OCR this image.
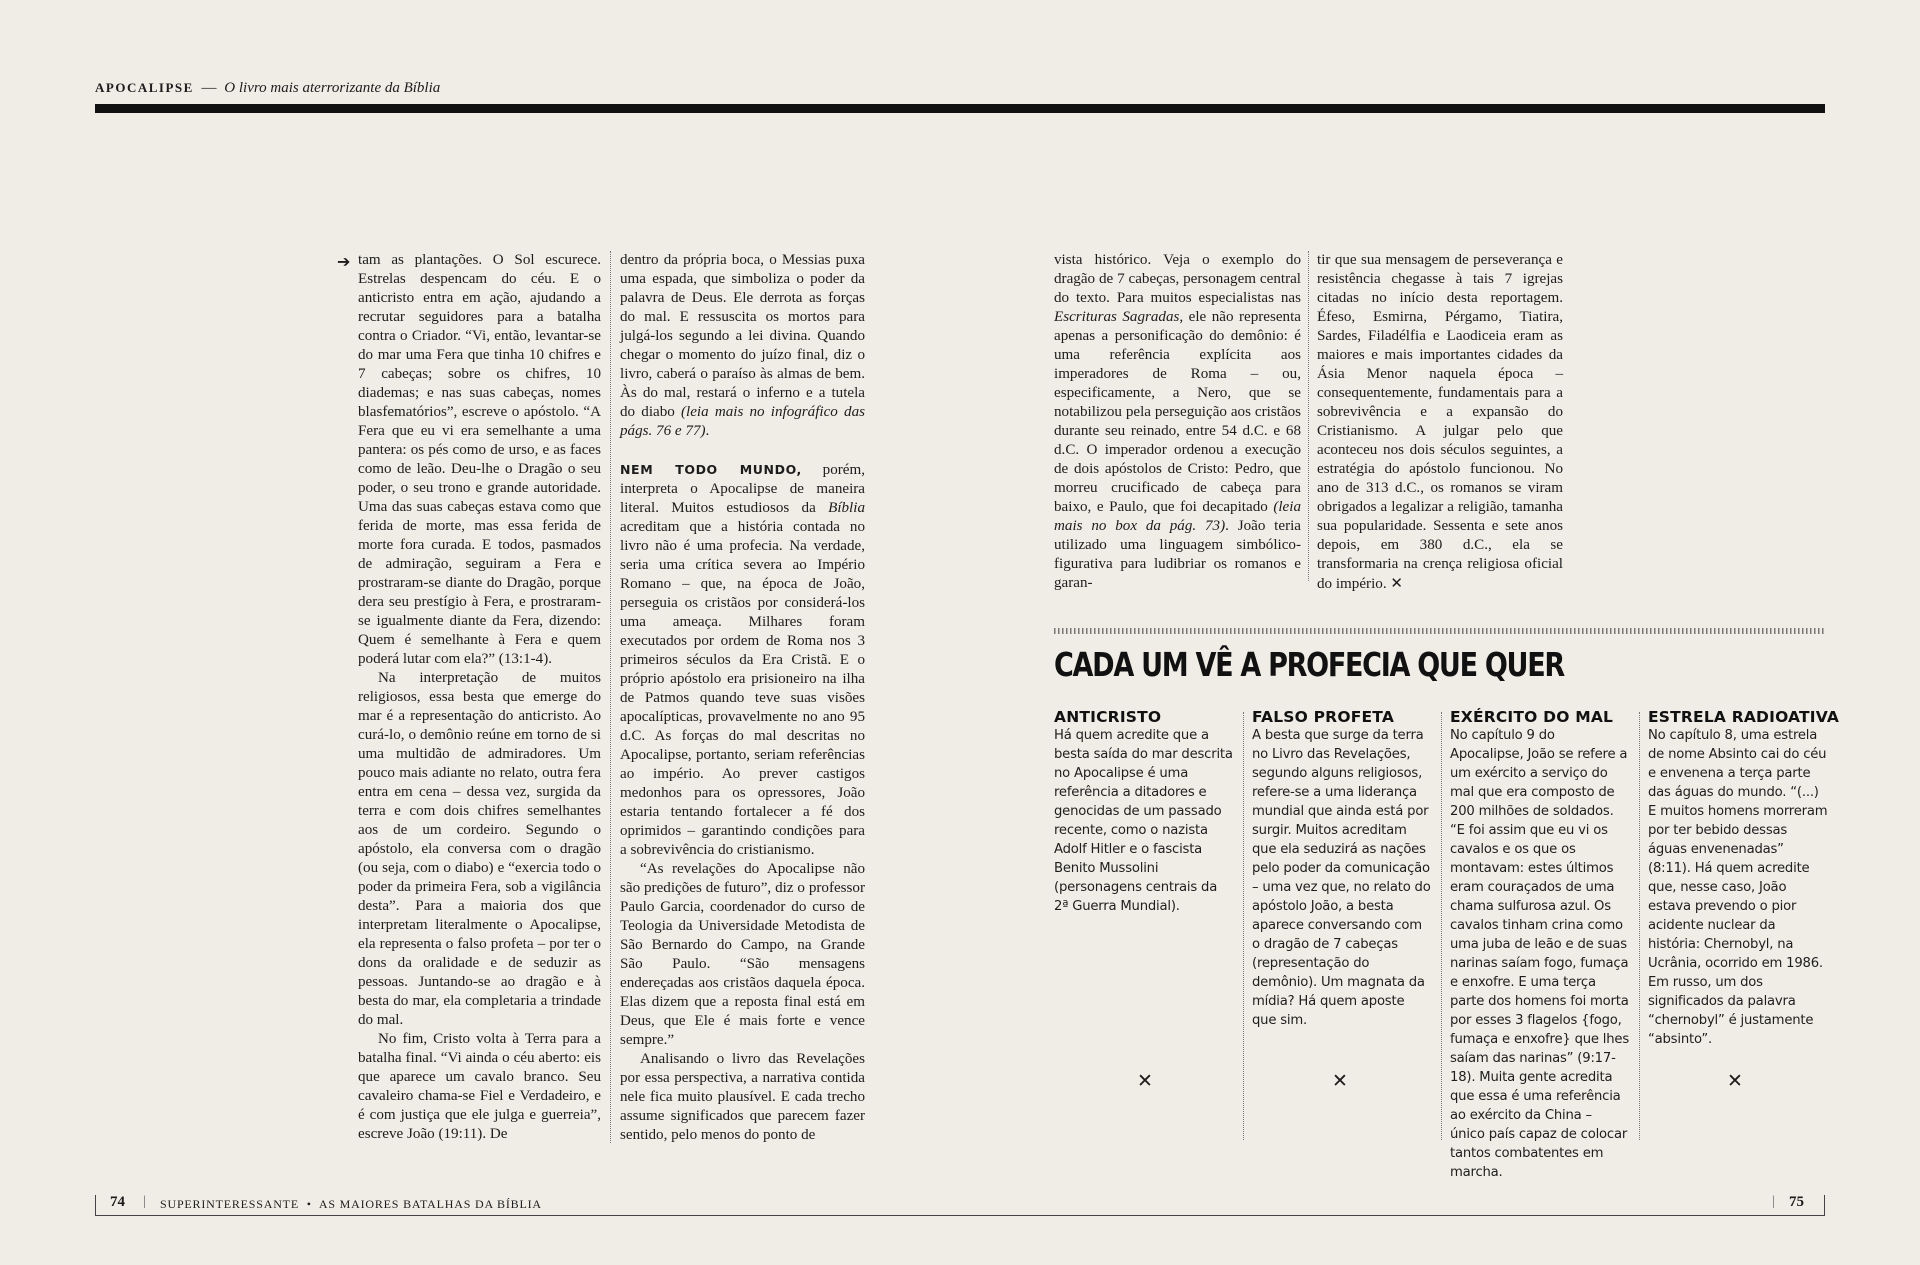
APOCALIPSE — O livro mais aterrorizante da Bíblia
➔ tam as plantações. O Sol escurece. Estrelas despencam do céu. E o anticristo entra em ação, ajudando a recrutar seguidores para a batalha contra o Criador. “Vi, então, levantar-se do mar uma Fera que tinha 10 chifres e 7 cabeças; sobre os chifres, 10 diademas; e nas suas cabeças, nomes blasfematórios”, escreve o apóstolo. “A Fera que eu vi era semelhante a uma pantera: os pés como de urso, e as faces como de leão. Deu-lhe o Dragão o seu poder, o seu trono e grande autoridade. Uma das suas cabeças estava como que ferida de morte, mas essa ferida de morte fora curada. E todos, pasmados de admiração, seguiram a Fera e prostraram-se diante do Dragão, porque dera seu prestígio à Fera, e prostraram-se igualmente diante da Fera, dizendo: Quem é semelhante à Fera e quem poderá lutar com ela?” (13:1-4).

Na interpretação de muitos religiosos, essa besta que emerge do mar é a representação do anticristo. Ao curá-lo, o demônio reúne em torno de si uma multidão de admiradores. Um pouco mais adiante no relato, outra fera entra em cena – dessa vez, surgida da terra e com dois chifres semelhantes aos de um cordeiro. Segundo o apóstolo, ela conversa com o dragão (ou seja, com o diabo) e “exercia todo o poder da primeira Fera, sob a vigilância desta”. Para a maioria dos que interpretam literalmente o Apocalipse, ela representa o falso profeta – por ter o dons da oralidade e de seduzir as pessoas. Juntando-se ao dragão e à besta do mar, ela completaria a trindade do mal.

No fim, Cristo volta à Terra para a batalha final. “Vi ainda o céu aberto: eis que aparece um cavalo branco. Seu cavaleiro chama-se Fiel e Verdadeiro, e é com justiça que ele julga e guerreia”, escreve João (19:11). De

dentro da própria boca, o Messias puxa uma espada, que simboliza o poder da palavra de Deus. Ele derrota as forças do mal. E ressuscita os mortos para julgá-los segundo a lei divina. Quando chegar o momento do juízo final, diz o livro, caberá o paraíso às almas de bem. Às do mal, restará o inferno e a tutela do diabo (leia mais no infográfico das págs. 76 e 77).

NEM TODO MUNDO, porém, interpreta o Apocalipse de maneira literal. Muitos estudiosos da Bíblia acreditam que a história contada no livro não é uma profecia. Na verdade, seria uma crítica severa ao Império Romano – que, na época de João, perseguia os cristãos por considerá-los uma ameaça. Milhares foram executados por ordem de Roma nos 3 primeiros séculos da Era Cristã. E o próprio apóstolo era prisioneiro na ilha de Patmos quando teve suas visões apocalípticas, provavelmente no ano 95 d.C. As forças do mal descritas no Apocalipse, portanto, seriam referências ao império. Ao prever castigos medonhos para os opressores, João estaria tentando fortalecer a fé dos oprimidos – garantindo condições para a sobrevivência do cristianismo.

“As revelações do Apocalipse não são predições de futuro”, diz o professor Paulo Garcia, coordenador do curso de Teologia da Universidade Metodista de São Bernardo do Campo, na Grande São Paulo. “São mensagens endereçadas aos cristãos daquela época. Elas dizem que a reposta final está em Deus, que Ele é mais forte e vence sempre.”

Analisando o livro das Revelações por essa perspectiva, a narrativa contida nele fica muito plausível. E cada trecho assume significados que parecem fazer sentido, pelo menos do ponto de

vista histórico. Veja o exemplo do dragão de 7 cabeças, personagem central do texto. Para muitos especialistas nas Escrituras Sagradas, ele não representa apenas a personificação do demônio: é uma referência explícita aos imperadores de Roma – ou, especificamente, a Nero, que se notabilizou pela perseguição aos cristãos durante seu reinado, entre 54 d.C. e 68 d.C. O imperador ordenou a execução de dois apóstolos de Cristo: Pedro, que morreu crucificado de cabeça para baixo, e Paulo, que foi decapitado (leia mais no box da pág. 73). João teria utilizado uma linguagem simbólico-figurativa para ludibriar os romanos e garan-

tir que sua mensagem de perseverança e resistência chegasse à tais 7 igrejas citadas no início desta reportagem. Éfeso, Esmirna, Pérgamo, Tiatira, Sardes, Filadélfia e Laodiceia eram as maiores e mais importantes cidades da Ásia Menor naquela época – consequentemente, fundamentais para a sobrevivência e a expansão do Cristianismo. A julgar pelo que aconteceu nos dois séculos seguintes, a estratégia do apóstolo funcionou. No ano de 313 d.C., os romanos se viram obrigados a legalizar a religião, tamanha sua popularidade. Sessenta e sete anos depois, em 380 d.C., ela se transformaria na crença religiosa oficial do império. ✕

CADA UM VÊ A PROFECIA QUE QUER
ANTICRISTO
Há quem acredite que a besta saída do mar descrita no Apocalipse é uma referência a ditadores e genocidas de um passado recente, como o nazista Adolf Hitler e o fascista Benito Mussolini (personagens centrais da 2ª Guerra Mundial).
FALSO PROFETA
A besta que surge da terra no Livro das Revelações, segundo alguns religiosos, refere-se a uma liderança mundial que ainda está por surgir. Muitos acreditam que ela seduzirá as nações pelo poder da comunicação – uma vez que, no relato do apóstolo João, a besta aparece conversando com o dragão de 7 cabeças (representação do demônio). Um magnata da mídia? Há quem aposte que sim.
EXÉRCITO DO MAL
No capítulo 9 do Apocalipse, João se refere a um exército a serviço do mal que era composto de 200 milhões de soldados. “E foi assim que eu vi os cavalos e os que os montavam: estes últimos eram couraçados de uma chama sulfurosa azul. Os cavalos tinham crina como uma juba de leão e de suas narinas saíam fogo, fumaça e enxofre. E uma terça parte dos homens foi morta por esses 3 flagelos {fogo, fumaça e enxofre} que lhes saíam das narinas” (9:17-18). Muita gente acredita que essa é uma referência ao exército da China – único país capaz de colocar tantos combatentes em marcha.
ESTRELA RADIOATIVA
No capítulo 8, uma estrela de nome Absinto cai do céu e envenena a terça parte das águas do mundo. “(...) E muitos homens morreram por ter bebido dessas águas envenenadas” (8:11). Há quem acredite que, nesse caso, João estava prevendo o pior acidente nuclear da história: Chernobyl, na Ucrânia, ocorrido em 1986. Em russo, um dos significados da palavra “chernobyl” é justamente “absinto”.
✕	✕	✕
74 | SUPERINTERESSANTE • AS MAIORES BATALHAS DA BÍBLIA	| 75
